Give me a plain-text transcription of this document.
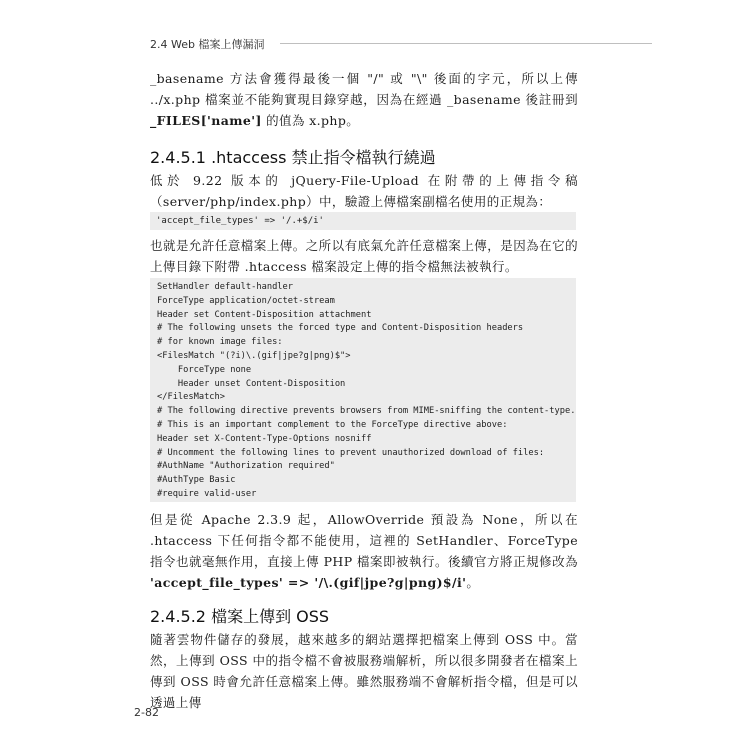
2.4 Web 檔案上傳漏洞

_basename 方法會獲得最後一個 "/" 或 "\" 後面的字元，所以上傳 ../x.php 檔案並不能夠實現目錄穿越，因為在經過 _basename 後註冊到 _FILES['name'] 的值為 x.php。

2.4.5.1 .htaccess 禁止指令檔執行繞過

低於 9.22 版本的 jQuery-File-Upload 在附帶的上傳指令稿（server/php/index.php）中，驗證上傳檔案副檔名使用的正規為：

'accept_file_types' => '/.+$/i'

也就是允許任意檔案上傳。之所以有底氣允許任意檔案上傳，是因為在它的上傳目錄下附帶 .htaccess 檔案設定上傳的指令檔無法被執行。

SetHandler default-handler
ForceType application/octet-stream
Header set Content-Disposition attachment
# The following unsets the forced type and Content-Disposition headers
# for known image files:
<FilesMatch "(?i)\.(gif|jpe?g|png)$">
ForceType none
Header unset Content-Disposition
</FilesMatch>
# The following directive prevents browsers from MIME-sniffing the content-type.
# This is an important complement to the ForceType directive above:
Header set X-Content-Type-Options nosniff
# Uncomment the following lines to prevent unauthorized download of files:
#AuthName "Authorization required"
#AuthType Basic
#require valid-user

但是從 Apache 2.3.9 起，AllowOverride 預設為 None，所以在 .htaccess 下任何指令都不能使用，這裡的 SetHandler、ForceType 指令也就毫無作用，直接上傳 PHP 檔案即被執行。後續官方將正規修改為 'accept_file_types' => '/\.(gif|jpe?g|png)$/i'。

2.4.5.2 檔案上傳到 OSS

隨著雲物件儲存的發展，越來越多的網站選擇把檔案上傳到 OSS 中。當然，上傳到 OSS 中的指令檔不會被服務端解析，所以很多開發者在檔案上傳到 OSS 時會允許任意檔案上傳。雖然服務端不會解析指令檔，但是可以透過上傳

2-82
